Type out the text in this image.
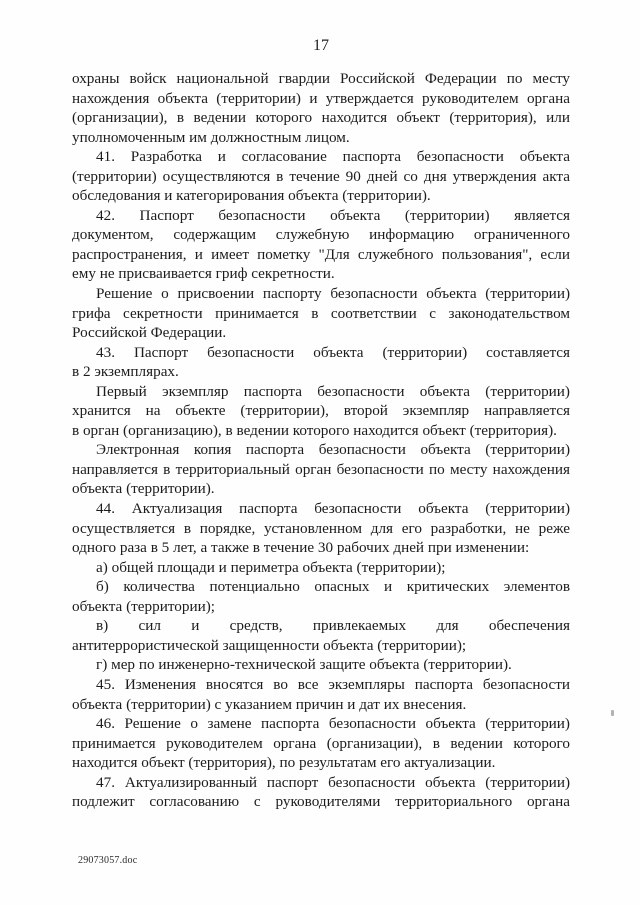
17
охраны войск национальной гвардии Российской Федерации по месту
нахождения объекта (территории) и утверждается руководителем органа
(организации), в ведении которого находится объект (территория), или
уполномоченным им должностным лицом.
41. Разработка и согласование паспорта безопасности объекта
(территории) осуществляются в течение 90 дней со дня утверждения акта
обследования и категорирования объекта (территории).
42. Паспорт безопасности объекта (территории) является
документом, содержащим служебную информацию ограниченного
распространения, и имеет пометку "Для служебного пользования", если
ему не присваивается гриф секретности.
Решение о присвоении паспорту безопасности объекта (территории)
грифа секретности принимается в соответствии с законодательством
Российской Федерации.
43. Паспорт безопасности объекта (территории) составляется
в 2 экземплярах.
Первый экземпляр паспорта безопасности объекта (территории)
хранится на объекте (территории), второй экземпляр направляется
в орган (организацию), в ведении которого находится объект (территория).
Электронная копия паспорта безопасности объекта (территории)
направляется в территориальный орган безопасности по месту нахождения
объекта (территории).
44. Актуализация паспорта безопасности объекта (территории)
осуществляется в порядке, установленном для его разработки, не реже
одного раза в 5 лет, а также в течение 30 рабочих дней при изменении:
а) общей площади и периметра объекта (территории);
б) количества потенциально опасных и критических элементов
объекта (территории);
в) сил и средств, привлекаемых для обеспечения
антитеррористической защищенности объекта (территории);
г) мер по инженерно-технической защите объекта (территории).
45. Изменения вносятся во все экземпляры паспорта безопасности
объекта (территории) с указанием причин и дат их внесения.
46. Решение о замене паспорта безопасности объекта (территории)
принимается руководителем органа (организации), в ведении которого
находится объект (территория), по результатам его актуализации.
47. Актуализированный паспорт безопасности объекта (территории)
подлежит согласованию с руководителями территориального органа
29073057.doc
